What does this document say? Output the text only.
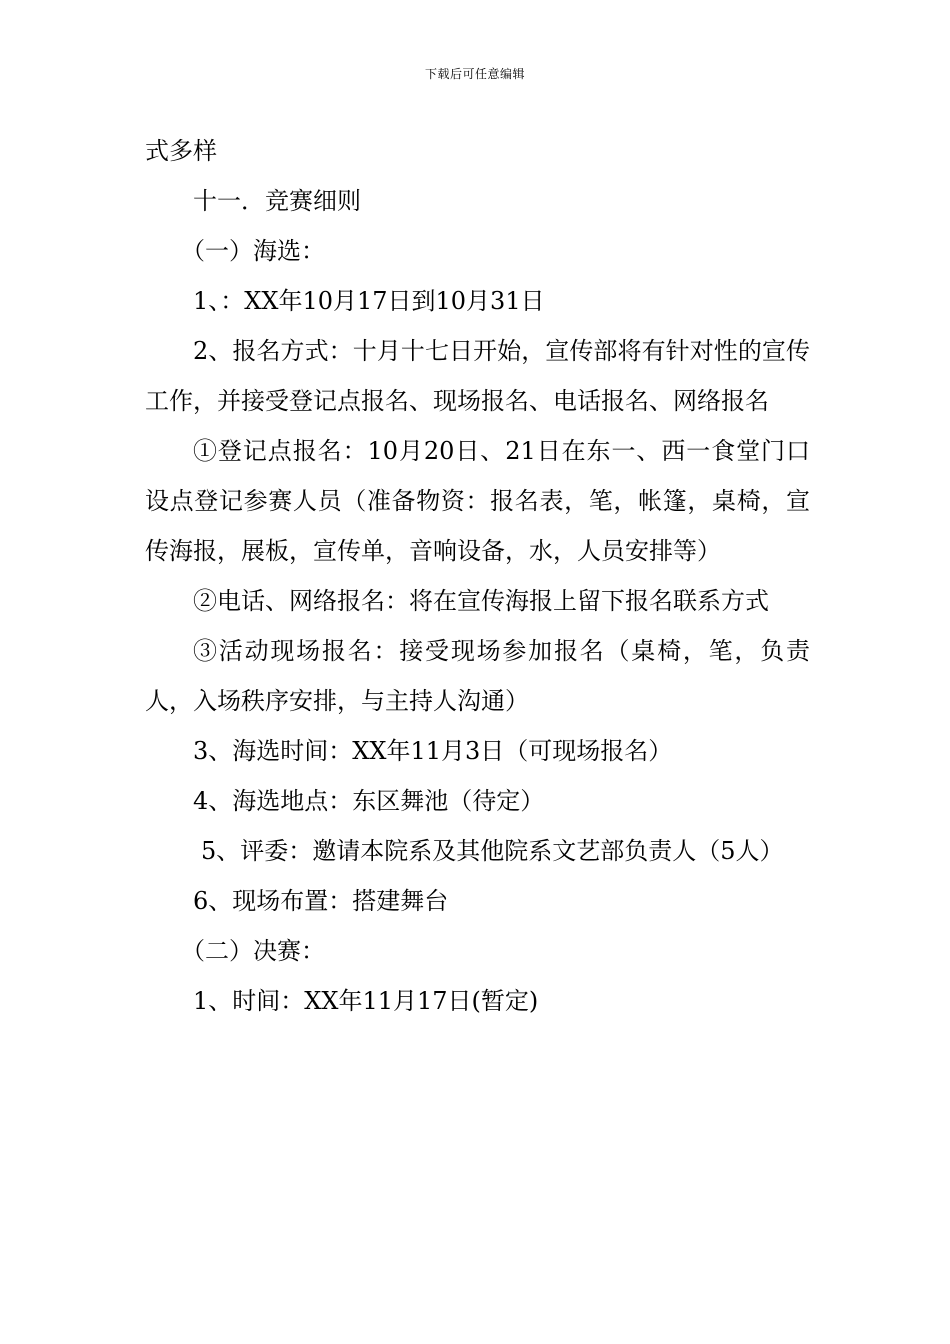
下载后可任意编辑

式多样

十一．竞赛细则

（一）海选：

1、：XX年10月17日到10月31日

2、报名方式：十月十七日开始，宣传部将有针对性的宣传工作，并接受登记点报名、现场报名、电话报名、网络报名

①登记点报名：10月20日、21日在东一、西一食堂门口设点登记参赛人员（准备物资：报名表，笔，帐篷，桌椅，宣传海报，展板，宣传单，音响设备，水，人员安排等）

②电话、网络报名：将在宣传海报上留下报名联系方式

③活动现场报名：接受现场参加报名（桌椅，笔，负责人，入场秩序安排，与主持人沟通）

3、海选时间：XX年11月3日（可现场报名）

4、海选地点：东区舞池（待定）

5、评委：邀请本院系及其他院系文艺部负责人（5人）

6、现场布置：搭建舞台

（二）决赛：

1、时间：XX年11月17日(暂定)
